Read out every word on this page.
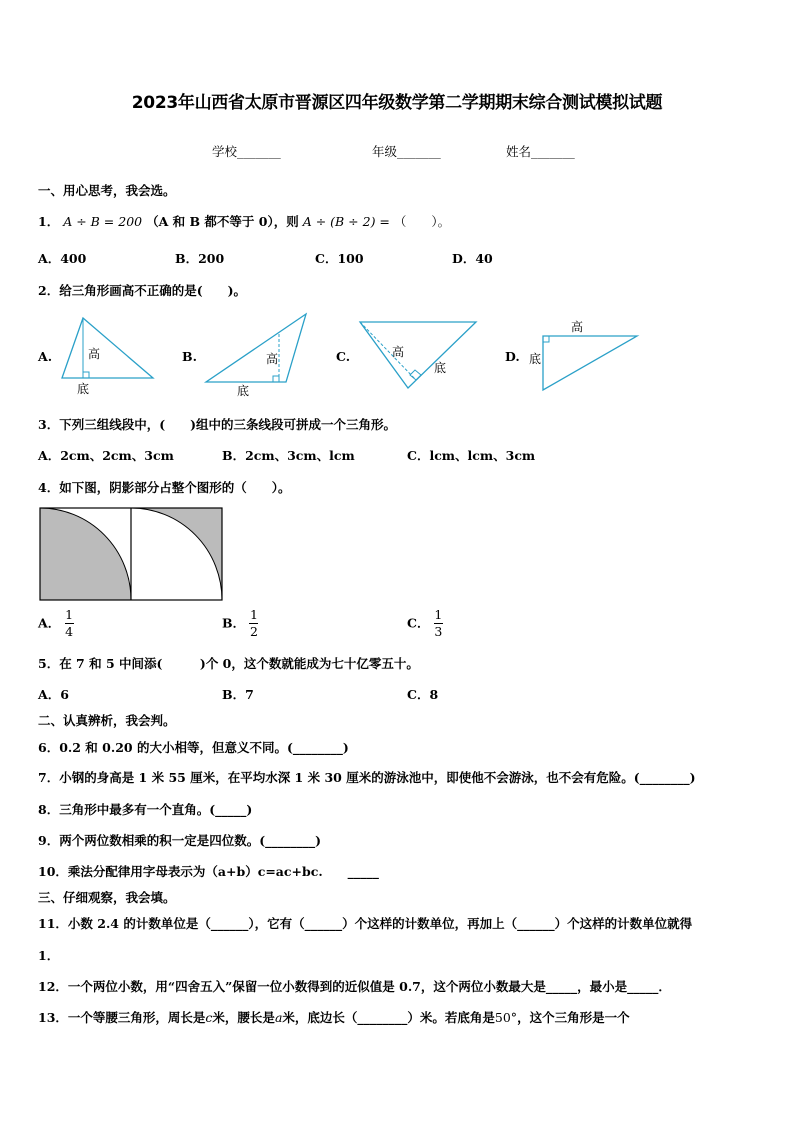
2023年山西省太原市晋源区四年级数学第二学期期末综合测试模拟试题
学校_______	年级_______	姓名_______
一、用心思考，我会选。
1． A ÷ B = 200 （A 和 B 都不等于 0），则 A ÷ (B ÷ 2) = （　　）。
A．400	B．200	C．100	D．40
2．给三角形画高不正确的是(　　)。
A.	高
底
B.	高
底
C.	高
底
D.
高
底
3．下列三组线段中，(　　)组中的三条线段可拼成一个三角形。
A．2cm、2cm、3cm	B．2cm、3cm、lcm	C．lcm、lcm、3cm
4．如下图，阴影部分占整个图形的（　　）。
A． $\frac{1}{4}$	B． $\frac{1}{2}$	C． $\frac{1}{3}$
5．在 7 和 5 中间添(　　　)个 0，这个数就能成为七十亿零五十。
A．6	B．7	C．8
二、认真辨析，我会判。
6．0.2 和 0.20 的大小相等，但意义不同。(________)
7．小钢的身高是 1 米 55 厘米，在平均水深 1 米 30 厘米的游泳池中，即使他不会游泳，也不会有危险。(________)
8．三角形中最多有一个直角。(_____)
9．两个两位数相乘的积一定是四位数。(________)
10．乘法分配律用字母表示为（a+b）c=ac+bc.　　_____
三、仔细观察，我会填。
11．小数 2.4 的计数单位是（______），它有（______）个这样的计数单位，再加上（______）个这样的计数单位就得
1．
12．一个两位小数，用“四舍五入”保留一位小数得到的近似值是 0.7，这个两位小数最大是_____，最小是_____．
13．一个等腰三角形，周长是c米，腰长是a米，底边长（________）米。若底角是50°，这个三角形是一个
